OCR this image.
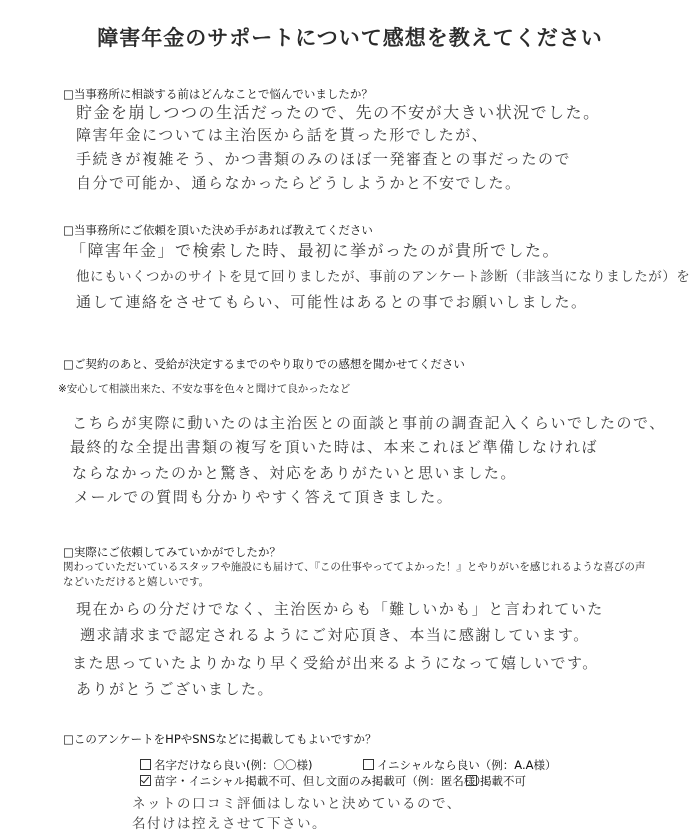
障害年金のサポートについて感想を教えてください
□当事務所に相談する前はどんなことで悩んでいましたか？
貯金を崩しつつの生活だったので、先の不安が大きい状況でした。
障害年金については主治医から話を貰った形でしたが、
手続きが複雑そう、かつ書類のみのほぼ一発審査との事だったので
自分で可能か、通らなかったらどうしようかと不安でした。
□当事務所にご依頼を頂いた決め手があれば教えてください
「障害年金」で検索した時、最初に挙がったのが貴所でした。
他にもいくつかのサイトを見て回りましたが、事前のアンケート診断（非該当になりましたが）を
通して連絡をさせてもらい、可能性はあるとの事でお願いしました。
□ご契約のあと、受給が決定するまでのやり取りでの感想を聞かせてください
※安心して相談出来た、不安な事を色々と聞けて良かったなど
こちらが実際に動いたのは主治医との面談と事前の調査記入くらいでしたので、
最終的な全提出書類の複写を頂いた時は、本来これほど準備しなければ
ならなかったのかと驚き、対応をありがたいと思いました。
メールでの質問も分かりやすく答えて頂きました。
□実際にご依頼してみていかがでしたか？
関わっていただいているスタッフや施設にも届けて、『この仕事やっててよかった！』とやりがいを感じれるような喜びの声などいただけると嬉しいです。
現在からの分だけでなく、主治医からも「難しいかも」と言われていた
遡求請求まで認定されるようにご対応頂き、本当に感謝しています。
また思っていたよりかなり早く受給が出来るようになって嬉しいです。
ありがとうございました。
□このアンケートをHPやSNSなどに掲載してもよいですか？
名字だけなら良い(例：〇〇様)	イニシャルなら良い（例：A.A様）
苗字・イニシャル掲載不可、但し文面のみ掲載可（例：匿名様）
掲載不可
ネットの口コミ評価はしないと決めているので、
名付けは控えさせて下さい。
